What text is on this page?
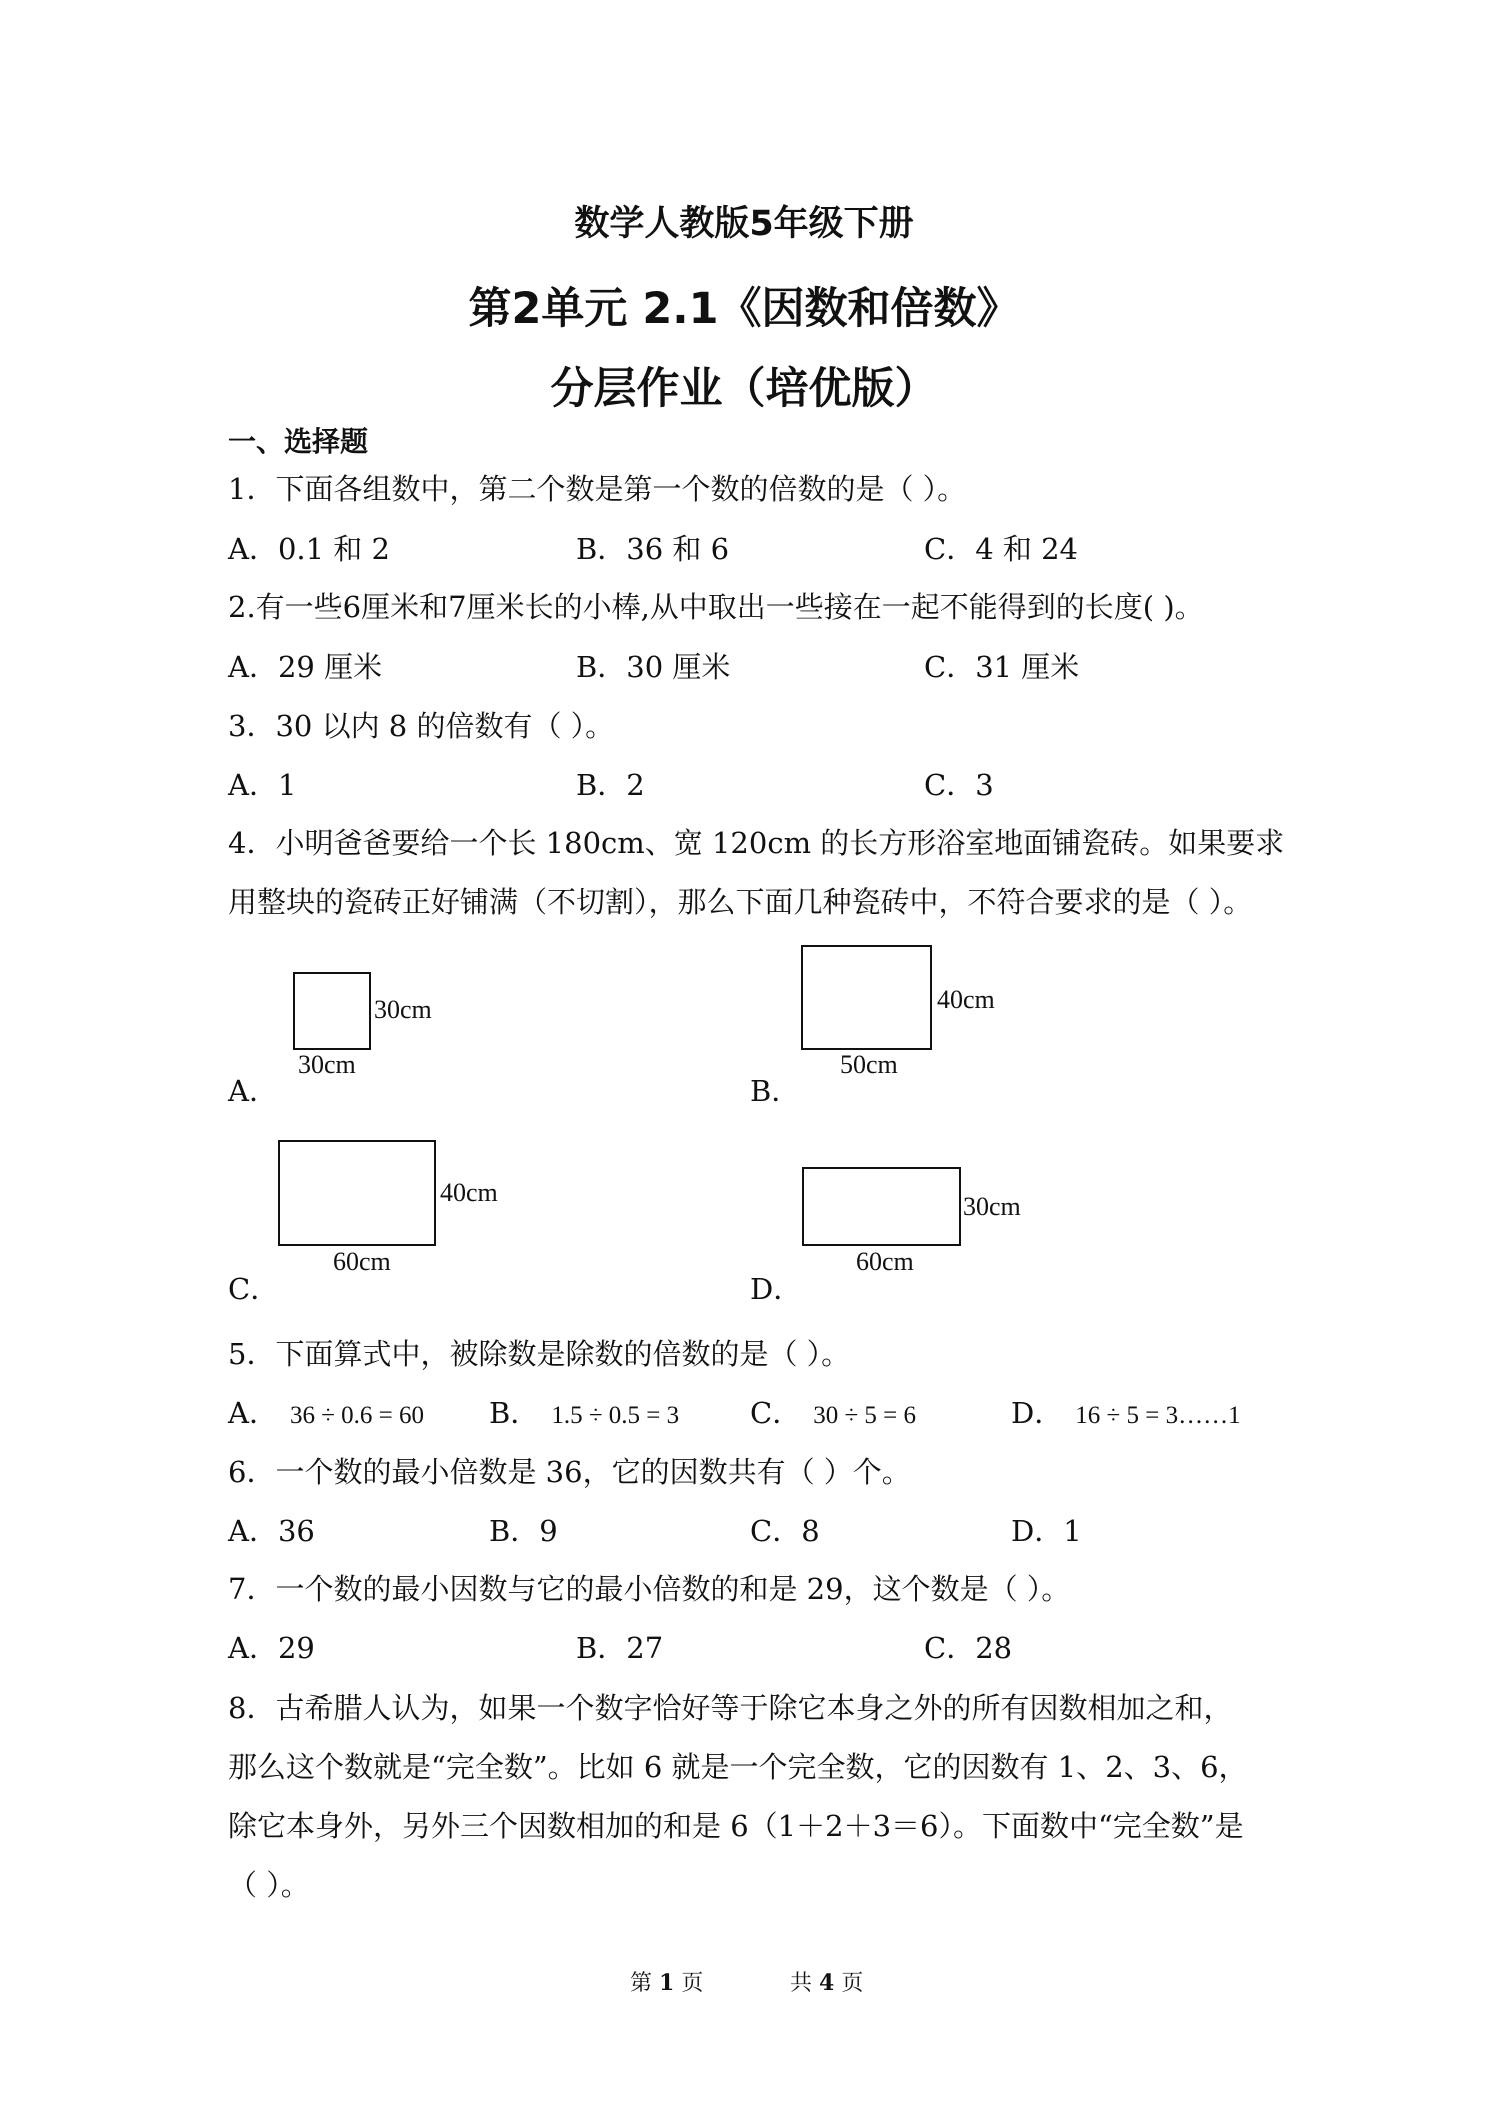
数学人教版5年级下册
第2单元 2.1《因数和倍数》
分层作业（培优版）
一、选择题
1．下面各组数中，第二个数是第一个数的倍数的是（ ）。
A．0.1 和 2	B．36 和 6	C．4 和 24
2.有一些6厘米和7厘米长的小棒,从中取出一些接在一起不能得到的长度( )。
A．29 厘米	B．30 厘米	C．31 厘米
3．30 以内 8 的倍数有（ ）。
A．1	B．2	C．3
4．小明爸爸要给一个长 180cm、宽 120cm 的长方形浴室地面铺瓷砖。如果要求
用整块的瓷砖正好铺满（不切割），那么下面几种瓷砖中，不符合要求的是（ ）。
A．
30cm
30cm
B．
40cm
50cm
C．
40cm
60cm
D．
30cm
60cm
5．下面算式中，被除数是除数的倍数的是（ ）。
A． 36 ÷ 0.6 = 60 B． 1.5 ÷ 0.5 = 3 C． 30 ÷ 5 = 6	D． 16 ÷ 5 = 3……1
6．一个数的最小倍数是 36，它的因数共有（ ）个。
A．36	B．9	C．8	D．1
7．一个数的最小因数与它的最小倍数的和是 29，这个数是（ ）。
A．29	B．27	C．28
8．古希腊人认为，如果一个数字恰好等于除它本身之外的所有因数相加之和，
那么这个数就是“完全数”。比如 6 就是一个完全数，它的因数有 1、2、3、6，
除它本身外，另外三个因数相加的和是 6（1＋2＋3＝6）。下面数中“完全数”是
（ ）。
第 1 页	共 4 页
